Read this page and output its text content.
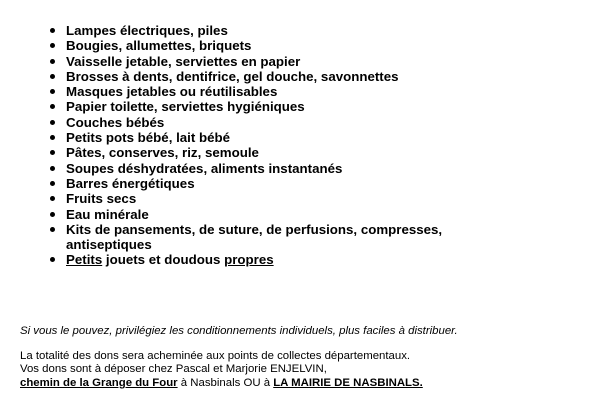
Lampes électriques, piles
Bougies, allumettes, briquets
Vaisselle jetable, serviettes en papier
Brosses à dents, dentifrice, gel douche, savonnettes
Masques jetables ou réutilisables
Papier toilette, serviettes hygiéniques
Couches bébés
Petits pots bébé, lait bébé
Pâtes, conserves, riz, semoule
Soupes déshydratées, aliments instantanés
Barres énergétiques
Fruits secs
Eau minérale
Kits de pansements, de suture, de perfusions, compresses,
antiseptiques
Petits jouets et doudous propres

Si vous le pouvez, privilégiez les conditionnements individuels, plus faciles à distribuer.

La totalité des dons sera acheminée aux points de collectes départementaux.
Vos dons sont à déposer chez Pascal et Marjorie ENJELVIN,
chemin de la Grange du Four à Nasbinals OU à LA MAIRIE DE NASBINALS.
